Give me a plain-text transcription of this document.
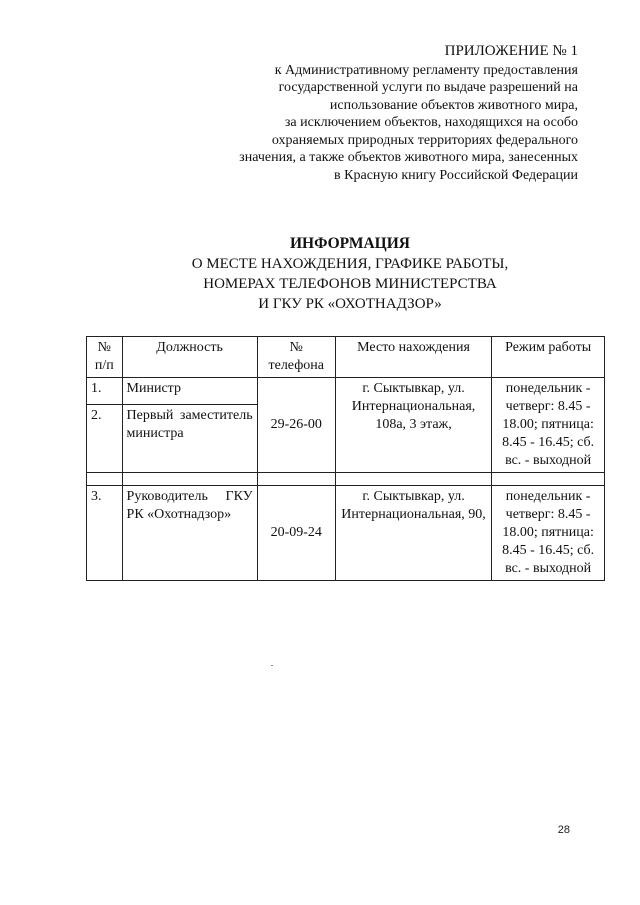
ПРИЛОЖЕНИЕ № 1
к Административному регламенту предоставления
государственной услуги по выдаче разрешений на
использование объектов животного мира,
за исключением объектов, находящихся на особо
охраняемых природных территориях федерального
значения, а также объектов животного мира, занесенных
в Красную книгу Российской Федерации
ИНФОРМАЦИЯ
О МЕСТЕ НАХОЖДЕНИЯ, ГРАФИКЕ РАБОТЫ,
НОМЕРАХ ТЕЛЕФОНОВ МИНИСТЕРСТВА
И ГКУ РК «ОХОТНАДЗОР»
№ п/п	Должность	№ телефона	Место нахождения	Режим работы
1.	Министр	29-26-00	г. Сыктывкар, ул. Интернациональная, 108а, 3 этаж,	понедельник - четверг: 8.45 - 18.00; пятница: 8.45 - 16.45; сб. вс. - выходной
2.	Первый заместитель министра			

3.	Руководитель ГКУ РК «Охотнадзор»	20-09-24	г. Сыктывкар, ул. Интернациональная, 90,	понедельник - четверг: 8.45 - 18.00; пятница: 8.45 - 16.45; сб. вс. - выходной
28
